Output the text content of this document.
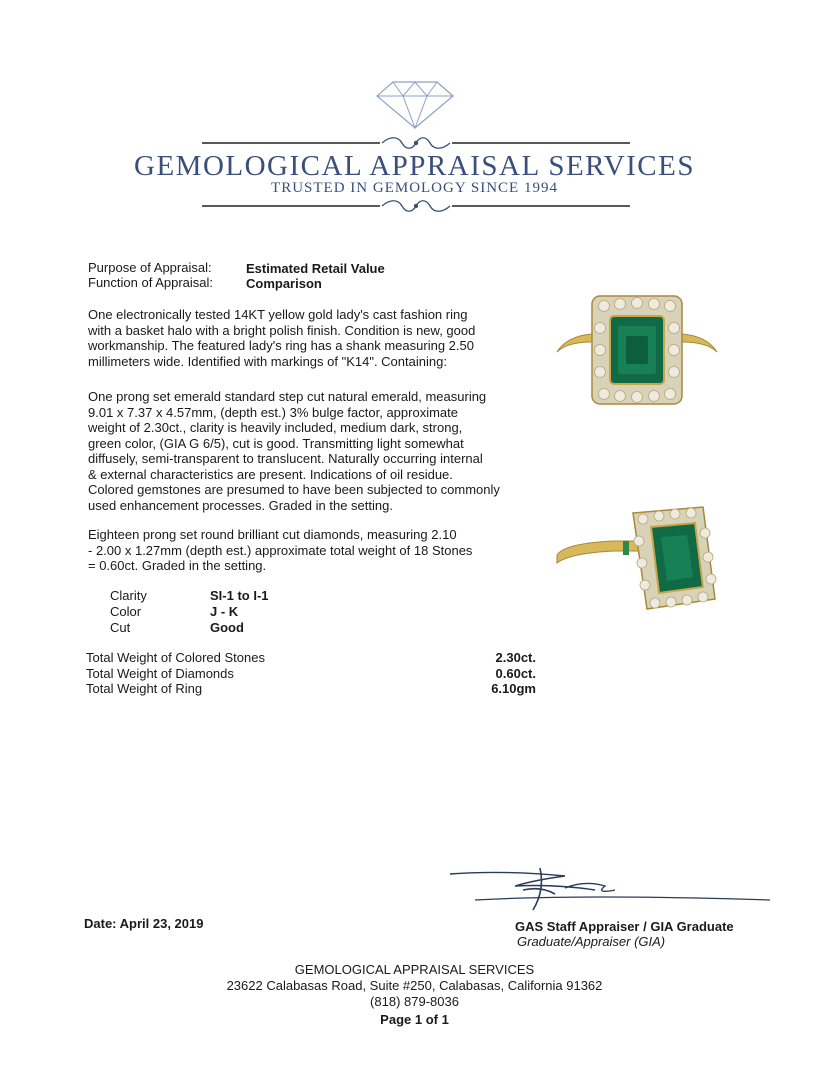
GEMOLOGICAL APPRAISAL SERVICES
TRUSTED IN GEMOLOGY SINCE 1994
Purpose of Appraisal:	Estimated Retail Value
Function of Appraisal:	Comparison
One electronically tested 14KT yellow gold lady's cast fashion ring
with a basket halo with a bright polish finish. Condition is new, good
workmanship. The featured lady's ring has a shank measuring 2.50
millimeters wide. Identified with markings of "K14". Containing:
One prong set emerald standard step cut natural emerald, measuring
9.01 x 7.37 x 4.57mm, (depth est.) 3% bulge factor, approximate
weight of 2.30ct., clarity is heavily included, medium dark, strong,
green color, (GIA G 6/5), cut is good. Transmitting light somewhat
diffusely, semi-transparent to translucent. Naturally occurring internal
& external characteristics are present. Indications of oil residue.
Colored gemstones are presumed to have been subjected to commonly
used enhancement processes. Graded in the setting.
Eighteen prong set round brilliant cut diamonds, measuring 2.10
- 2.00 x 1.27mm (depth est.) approximate total weight of 18 Stones
= 0.60ct. Graded in the setting.
Clarity	SI-1 to I-1
Color	J - K
Cut	Good
Total Weight of Colored Stones	2.30ct.
Total Weight of Diamonds	0.60ct.
Total Weight of Ring	6.10gm
Date: April 23, 2019	GAS Staff Appraiser / GIA Graduate
Graduate/Appraiser (GIA)
GEMOLOGICAL APPRAISAL SERVICES
23622 Calabasas Road, Suite #250, Calabasas, California 91362
(818) 879-8036
Page 1 of 1
